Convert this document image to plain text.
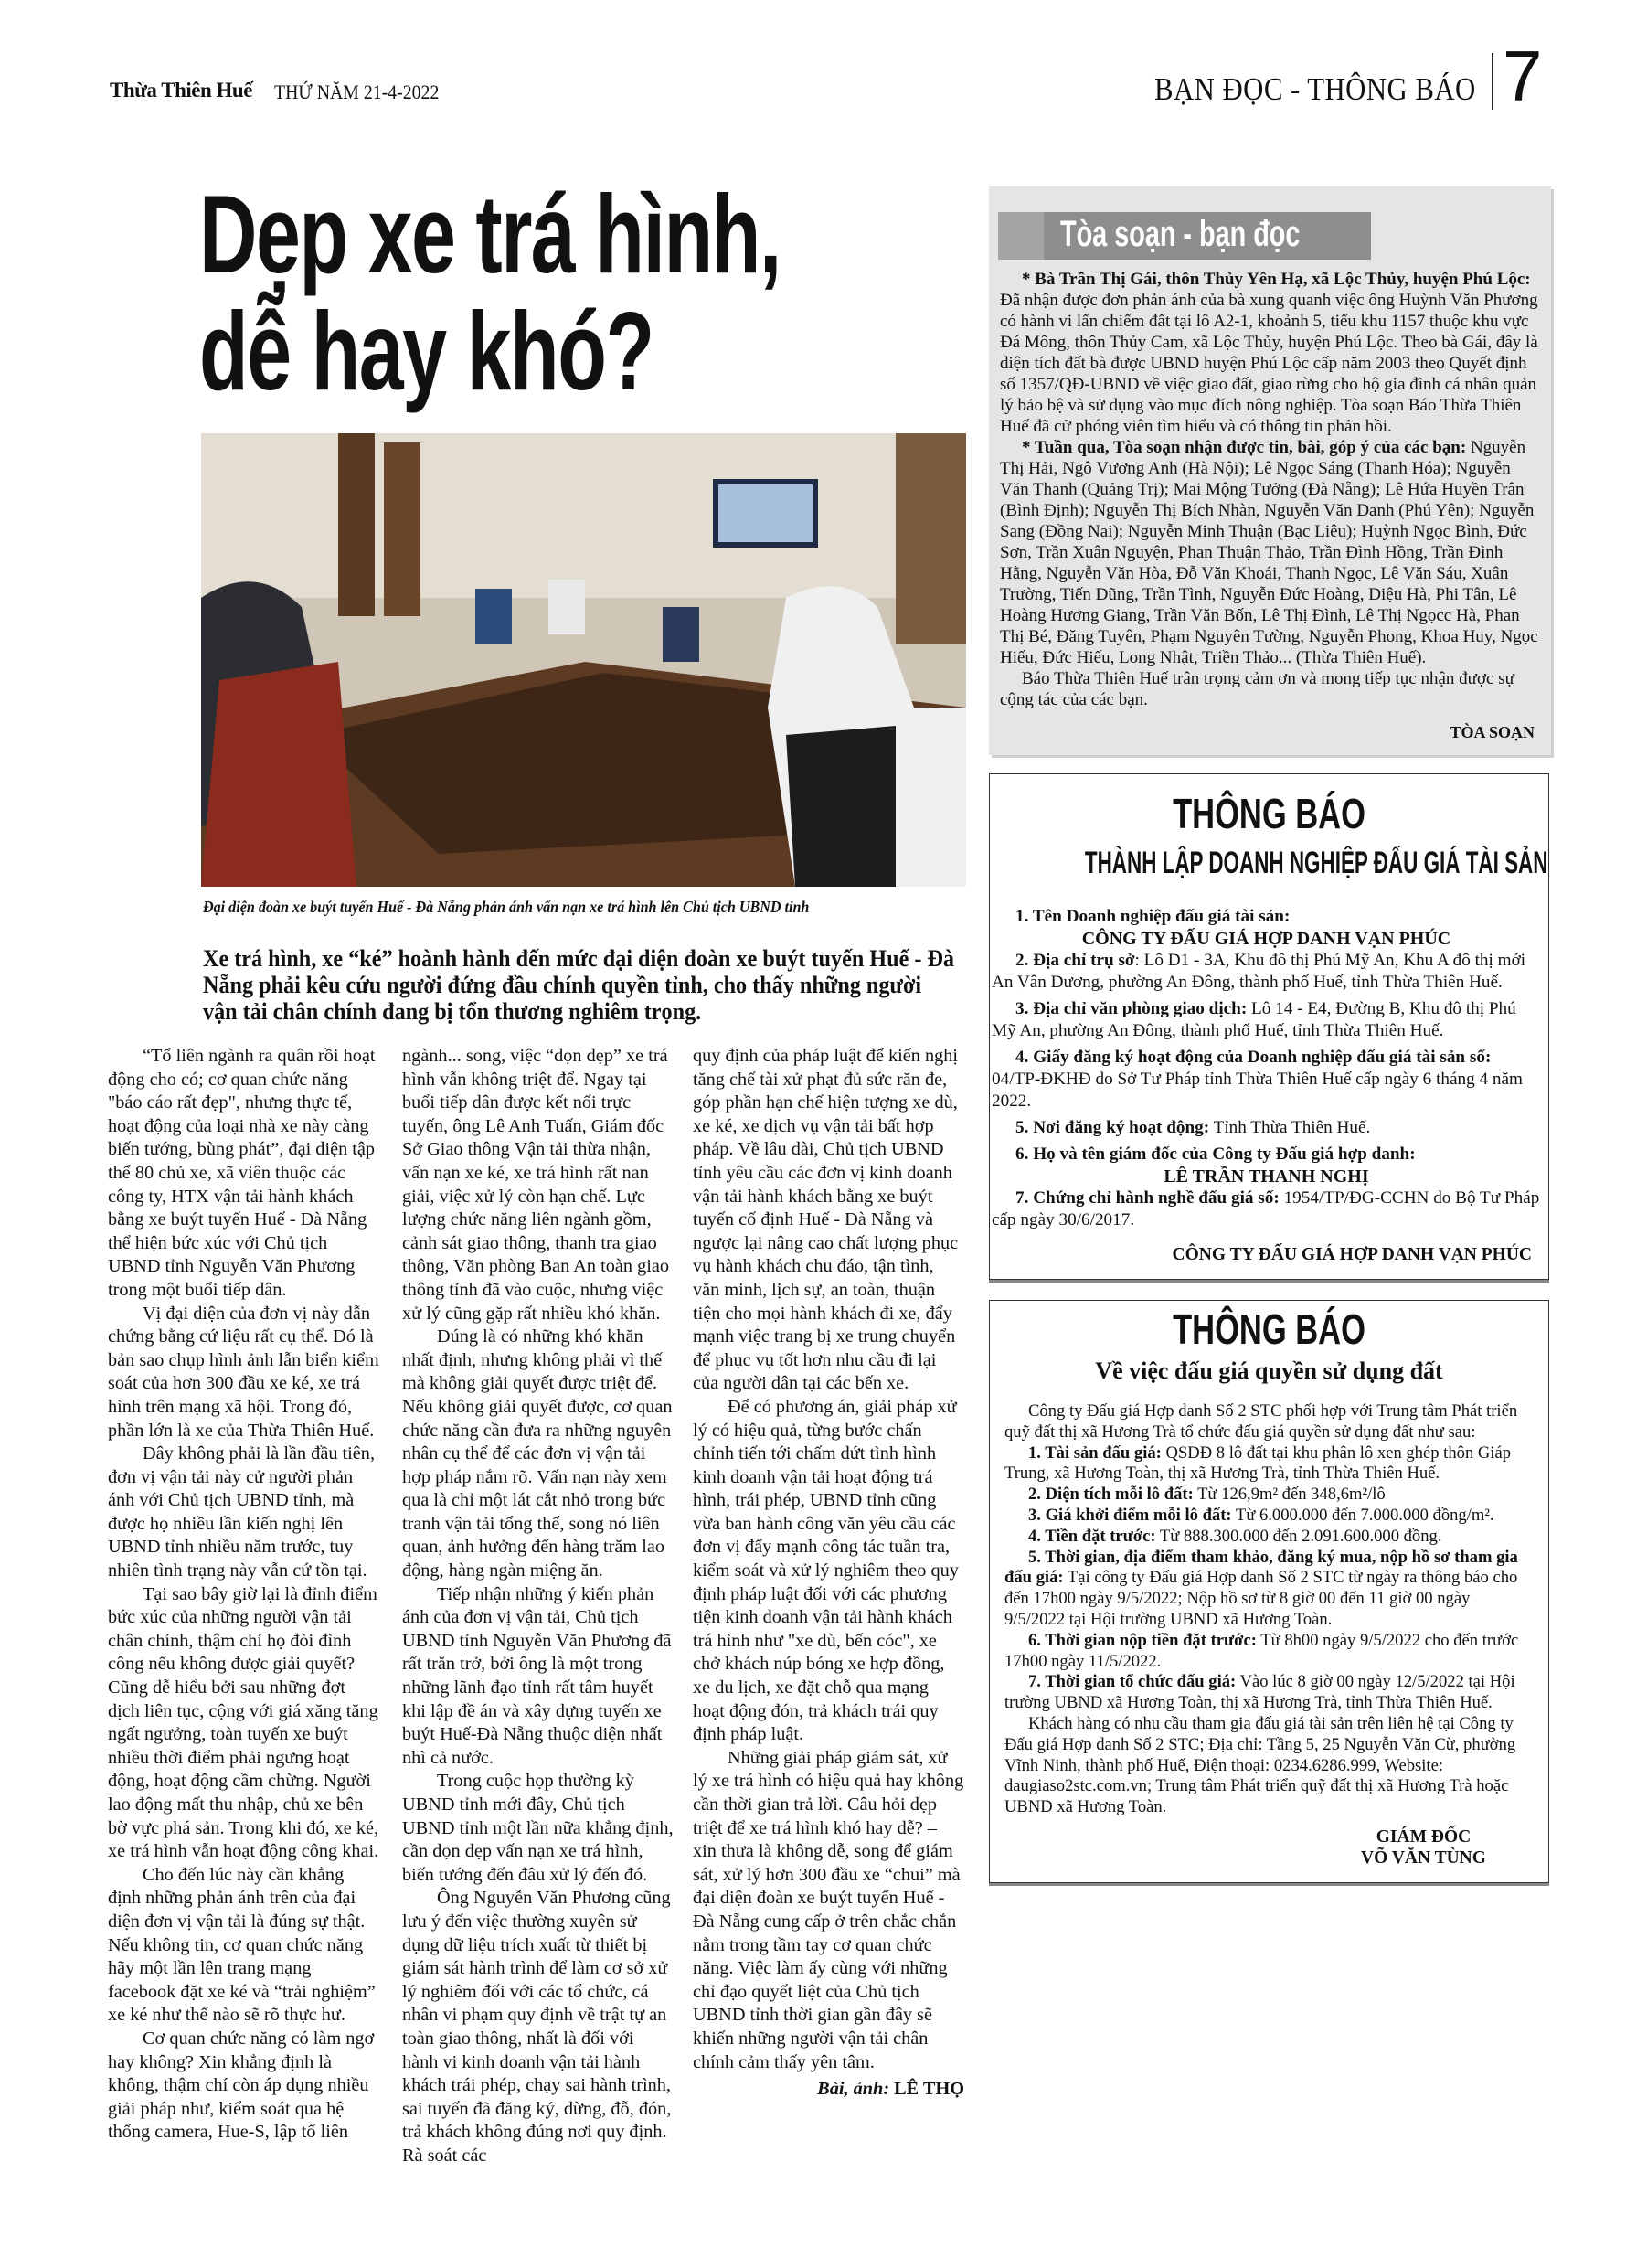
Thừa Thiên Huế THỨ NĂM 21-4-2022	BẠN ĐỌC - THÔNG BÁO 7
Dẹp xe trá hình,
dễ hay khó?
Đại diện đoàn xe buýt tuyến Huế - Đà Nẵng phản ánh vấn nạn xe trá hình lên Chủ tịch UBND tỉnh
Xe trá hình, xe “ké” hoành hành đến mức đại diện đoàn xe buýt tuyến Huế - Đà Nẵng phải kêu cứu người đứng đầu chính quyền tỉnh, cho thấy những người vận tải chân chính đang bị tổn thương nghiêm trọng.

“Tổ liên ngành ra quân rồi hoạt động cho có; cơ quan chức năng "báo cáo rất đẹp", nhưng thực tế, hoạt động của loại nhà xe này càng biến tướng, bùng phát”, đại diện tập thể 80 chủ xe, xã viên thuộc các công ty, HTX vận tải hành khách bằng xe buýt tuyến Huế - Đà Nẵng thể hiện bức xúc với Chủ tịch UBND tỉnh Nguyễn Văn Phương trong một buổi tiếp dân.

Vị đại diện của đơn vị này dẫn chứng bằng cứ liệu rất cụ thể. Đó là bản sao chụp hình ảnh lẫn biển kiểm soát của hơn 300 đầu xe ké, xe trá hình trên mạng xã hội. Trong đó, phần lớn là xe của Thừa Thiên Huế.

Đây không phải là lần đầu tiên, đơn vị vận tải này cử người phản ánh với Chủ tịch UBND tỉnh, mà được họ nhiều lần kiến nghị lên UBND tỉnh nhiều năm trước, tuy nhiên tình trạng này vẫn cứ tồn tại.

Tại sao bây giờ lại là đỉnh điểm bức xúc của những người vận tải chân chính, thậm chí họ đòi đình công nếu không được giải quyết? Cũng dễ hiểu bởi sau những đợt dịch liên tục, cộng với giá xăng tăng ngất ngưởng, toàn tuyến xe buýt nhiều thời điểm phải ngưng hoạt động, hoạt động cầm chừng. Người lao động mất thu nhập, chủ xe bên bờ vực phá sản. Trong khi đó, xe ké, xe trá hình vẫn hoạt động công khai.

Cho đến lúc này cần khẳng định những phản ánh trên của đại diện đơn vị vận tải là đúng sự thật. Nếu không tin, cơ quan chức năng hãy một lần lên trang mạng facebook đặt xe ké và “trải nghiệm” xe ké như thế nào sẽ rõ thực hư.

Cơ quan chức năng có làm ngơ hay không? Xin khẳng định là không, thậm chí còn áp dụng nhiều giải pháp như, kiểm soát qua hệ thống camera, Hue-S, lập tổ liên

ngành... song, việc “dọn dẹp” xe trá hình vẫn không triệt để. Ngay tại buổi tiếp dân được kết nối trực tuyến, ông Lê Anh Tuấn, Giám đốc Sở Giao thông Vận tải thừa nhận, vấn nạn xe ké, xe trá hình rất nan giải, việc xử lý còn hạn chế. Lực lượng chức năng liên ngành gồm, cảnh sát giao thông, thanh tra giao thông, Văn phòng Ban An toàn giao thông tỉnh đã vào cuộc, nhưng việc xử lý cũng gặp rất nhiều khó khăn.

Đúng là có những khó khăn nhất định, nhưng không phải vì thế mà không giải quyết được triệt để. Nếu không giải quyết được, cơ quan chức năng cần đưa ra những nguyên nhân cụ thể để các đơn vị vận tải hợp pháp nắm rõ. Vấn nạn này xem qua là chỉ một lát cắt nhỏ trong bức tranh vận tải tổng thể, song nó liên quan, ảnh hưởng đến hàng trăm lao động, hàng ngàn miệng ăn.

Tiếp nhận những ý kiến phản ánh của đơn vị vận tải, Chủ tịch UBND tỉnh Nguyễn Văn Phương đã rất trăn trở, bởi ông là một trong những lãnh đạo tỉnh rất tâm huyết khi lập đề án và xây dựng tuyến xe buýt Huế-Đà Nẵng thuộc diện nhất nhì cả nước.

Trong cuộc họp thường kỳ UBND tỉnh mới đây, Chủ tịch UBND tỉnh một lần nữa khẳng định, cần dọn dẹp vấn nạn xe trá hình, biến tướng đến đâu xử lý đến đó.

Ông Nguyễn Văn Phương cũng lưu ý đến việc thường xuyên sử dụng dữ liệu trích xuất từ thiết bị giám sát hành trình để làm cơ sở xử lý nghiêm đối với các tổ chức, cá nhân vi phạm quy định về trật tự an toàn giao thông, nhất là đối với hành vi kinh doanh vận tải hành khách trái phép, chạy sai hành trình, sai tuyến đã đăng ký, dừng, đỗ, đón, trả khách không đúng nơi quy định. Rà soát các

quy định của pháp luật để kiến nghị tăng chế tài xử phạt đủ sức răn đe, góp phần hạn chế hiện tượng xe dù, xe ké, xe dịch vụ vận tải bất hợp pháp. Về lâu dài, Chủ tịch UBND tỉnh yêu cầu các đơn vị kinh doanh vận tải hành khách bằng xe buýt tuyến cố định Huế - Đà Nẵng và ngược lại nâng cao chất lượng phục vụ hành khách chu đáo, tận tình, văn minh, lịch sự, an toàn, thuận tiện cho mọi hành khách đi xe, đẩy mạnh việc trang bị xe trung chuyển để phục vụ tốt hơn nhu cầu đi lại của người dân tại các bến xe.

Để có phương án, giải pháp xử lý có hiệu quả, từng bước chấn chỉnh tiến tới chấm dứt tình hình kinh doanh vận tải hoạt động trá hình, trái phép, UBND tỉnh cũng vừa ban hành công văn yêu cầu các đơn vị đẩy mạnh công tác tuần tra, kiểm soát và xử lý nghiêm theo quy định pháp luật đối với các phương tiện kinh doanh vận tải hành khách trá hình như "xe dù, bến cóc", xe chở khách núp bóng xe hợp đồng, xe du lịch, xe đặt chỗ qua mạng hoạt động đón, trả khách trái quy định pháp luật.

Những giải pháp giám sát, xử lý xe trá hình có hiệu quả hay không cần thời gian trả lời. Câu hỏi dẹp triệt để xe trá hình khó hay dễ? – xin thưa là không dễ, song để giám sát, xử lý hơn 300 đầu xe “chui” mà đại diện đoàn xe buýt tuyến Huế - Đà Nẵng cung cấp ở trên chắc chắn nằm trong tầm tay cơ quan chức năng. Việc làm ấy cùng với những chỉ đạo quyết liệt của Chủ tịch UBND tỉnh thời gian gần đây sẽ khiến những người vận tải chân chính cảm thấy yên tâm.

Bài, ảnh: LÊ THỌ
Tòa soạn - bạn đọc

* Bà Trần Thị Gái, thôn Thủy Yên Hạ, xã Lộc Thủy, huyện Phú Lộc: Đã nhận được đơn phản ánh của bà xung quanh việc ông Huỳnh Văn Phương có hành vi lấn chiếm đất tại lô A2-1, khoảnh 5, tiểu khu 1157 thuộc khu vực Đá Mông, thôn Thủy Cam, xã Lộc Thủy, huyện Phú Lộc. Theo bà Gái, đây là diện tích đất bà được UBND huyện Phú Lộc cấp năm 2003 theo Quyết định số 1357/QĐ-UBND về việc giao đất, giao rừng cho hộ gia đình cá nhân quản lý bảo bệ và sử dụng vào mục đích nông nghiệp. Tòa soạn Báo Thừa Thiên Huế đã cử phóng viên tìm hiểu và có thông tin phản hồi.

* Tuần qua, Tòa soạn nhận được tin, bài, góp ý của các bạn: Nguyễn Thị Hải, Ngô Vương Anh (Hà Nội); Lê Ngọc Sáng (Thanh Hóa); Nguyễn Văn Thanh (Quảng Trị); Mai Mộng Tưởng (Đà Nẵng); Lê Hứa Huyền Trân (Bình Định); Nguyễn Thị Bích Nhàn, Nguyễn Văn Danh (Phú Yên); Nguyễn Sang (Đồng Nai); Nguyễn Minh Thuận (Bạc Liêu); Huỳnh Ngọc Bình, Đức Sơn, Trần Xuân Nguyện, Phan Thuận Thảo, Trần Đình Hồng, Trần Đình Hằng, Nguyễn Văn Hòa, Đỗ Văn Khoái, Thanh Ngọc, Lê Văn Sáu, Xuân Trường, Tiến Dũng, Trần Tình, Nguyễn Đức Hoàng, Diệu Hà, Phi Tân, Lê Hoàng Hương Giang, Trần Văn Bốn, Lê Thị Đình, Lê Thị Ngọcc Hà, Phan Thị Bé, Đăng Tuyên, Phạm Nguyên Tường, Nguyễn Phong, Khoa Huy, Ngọc Hiếu, Đức Hiếu, Long Nhật, Triền Thảo... (Thừa Thiên Huế).

Báo Thừa Thiên Huế trân trọng cảm ơn và mong tiếp tục nhận được sự cộng tác của các bạn.

TÒA SOẠN
THÔNG BÁO
THÀNH LẬP DOANH NGHIỆP ĐẤU GIÁ TÀI SẢN

1. Tên Doanh nghiệp đấu giá tài sản:

CÔNG TY ĐẤU GIÁ HỢP DANH VẠN PHÚC

2. Địa chỉ trụ sở: Lô D1 - 3A, Khu đô thị Phú Mỹ An, Khu A đô thị mới An Vân Dương, phường An Đông, thành phố Huế, tỉnh Thừa Thiên Huế.

3. Địa chỉ văn phòng giao dịch: Lô 14 - E4, Đường B, Khu đô thị Phú Mỹ An, phường An Đông, thành phố Huế, tỉnh Thừa Thiên Huế.

4. Giấy đăng ký hoạt động của Doanh nghiệp đấu giá tài sản số: 04/TP-ĐKHĐ do Sở Tư Pháp tỉnh Thừa Thiên Huế cấp ngày 6 tháng 4 năm 2022.

5. Nơi đăng ký hoạt động: Tỉnh Thừa Thiên Huế.

6. Họ và tên giám đốc của Công ty Đấu giá hợp danh:

LÊ TRẦN THANH NGHỊ

7. Chứng chỉ hành nghề đấu giá số: 1954/TP/ĐG-CCHN do Bộ Tư Pháp cấp ngày 30/6/2017.

CÔNG TY ĐẤU GIÁ HỢP DANH VẠN PHÚC
THÔNG BÁO
Về việc đấu giá quyền sử dụng đất

Công ty Đấu giá Hợp danh Số 2 STC phối hợp với Trung tâm Phát triển quỹ đất thị xã Hương Trà tổ chức đấu giá quyền sử dụng đất như sau:

1. Tài sản đấu giá: QSDĐ 8 lô đất tại khu phân lô xen ghép thôn Giáp Trung, xã Hương Toàn, thị xã Hương Trà, tỉnh Thừa Thiên Huế.

2. Diện tích mỗi lô đất: Từ 126,9m² đến 348,6m²/lô

3. Giá khởi điểm mỗi lô đất: Từ 6.000.000 đến 7.000.000 đồng/m².

4. Tiền đặt trước: Từ 888.300.000 đến 2.091.600.000 đồng.

5. Thời gian, địa điểm tham khảo, đăng ký mua, nộp hồ sơ tham gia đấu giá: Tại công ty Đấu giá Hợp danh Số 2 STC từ ngày ra thông báo cho đến 17h00 ngày 9/5/2022; Nộp hồ sơ từ 8 giờ 00 đến 11 giờ 00 ngày 9/5/2022 tại Hội trường UBND xã Hương Toàn.

6. Thời gian nộp tiền đặt trước: Từ 8h00 ngày 9/5/2022 cho đến trước 17h00 ngày 11/5/2022.

7. Thời gian tổ chức đấu giá: Vào lúc 8 giờ 00 ngày 12/5/2022 tại Hội trường UBND xã Hương Toàn, thị xã Hương Trà, tỉnh Thừa Thiên Huế.

Khách hàng có nhu cầu tham gia đấu giá tài sản trên liên hệ tại Công ty Đấu giá Hợp danh Số 2 STC; Địa chỉ: Tầng 5, 25 Nguyễn Văn Cừ, phường Vĩnh Ninh, thành phố Huế, Điện thoại: 0234.6286.999, Website: daugiaso2stc.com.vn; Trung tâm Phát triển quỹ đất thị xã Hương Trà hoặc UBND xã Hương Toàn.

GIÁM ĐỐC
VÕ VĂN TÙNG
